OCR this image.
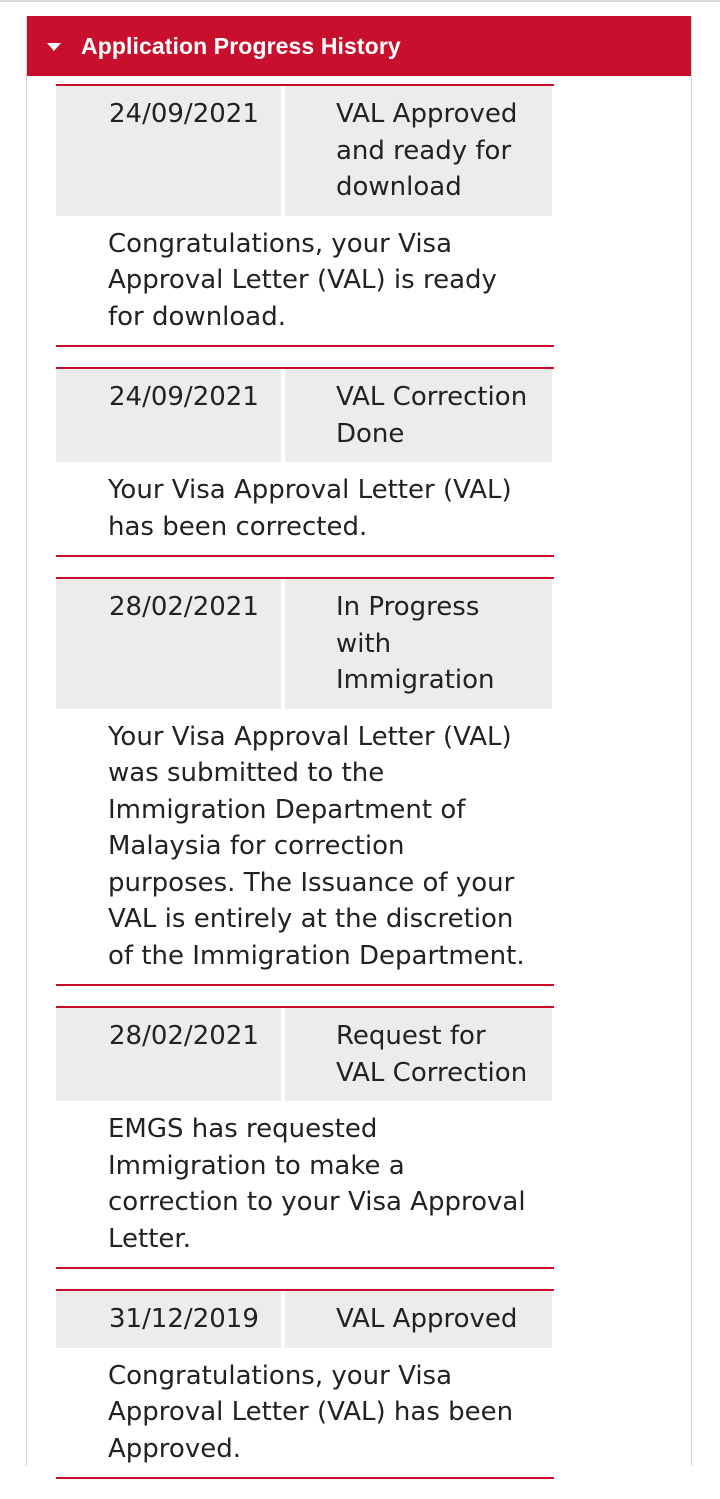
Application Progress History
24/09/2021	VAL Approved and ready for download
Congratulations, your Visa Approval Letter (VAL) is ready for download.
24/09/2021	VAL Correction Done
Your Visa Approval Letter (VAL) has been corrected.
28/02/2021	In Progress with Immigration
Your Visa Approval Letter (VAL) was submitted to the Immigration Department of Malaysia for correction purposes. The Issuance of your VAL is entirely at the discretion of the Immigration Department.
28/02/2021	Request for VAL Correction
EMGS has requested Immigration to make a correction to your Visa Approval Letter.
31/12/2019	VAL Approved
Congratulations, your Visa Approval Letter (VAL) has been Approved.
